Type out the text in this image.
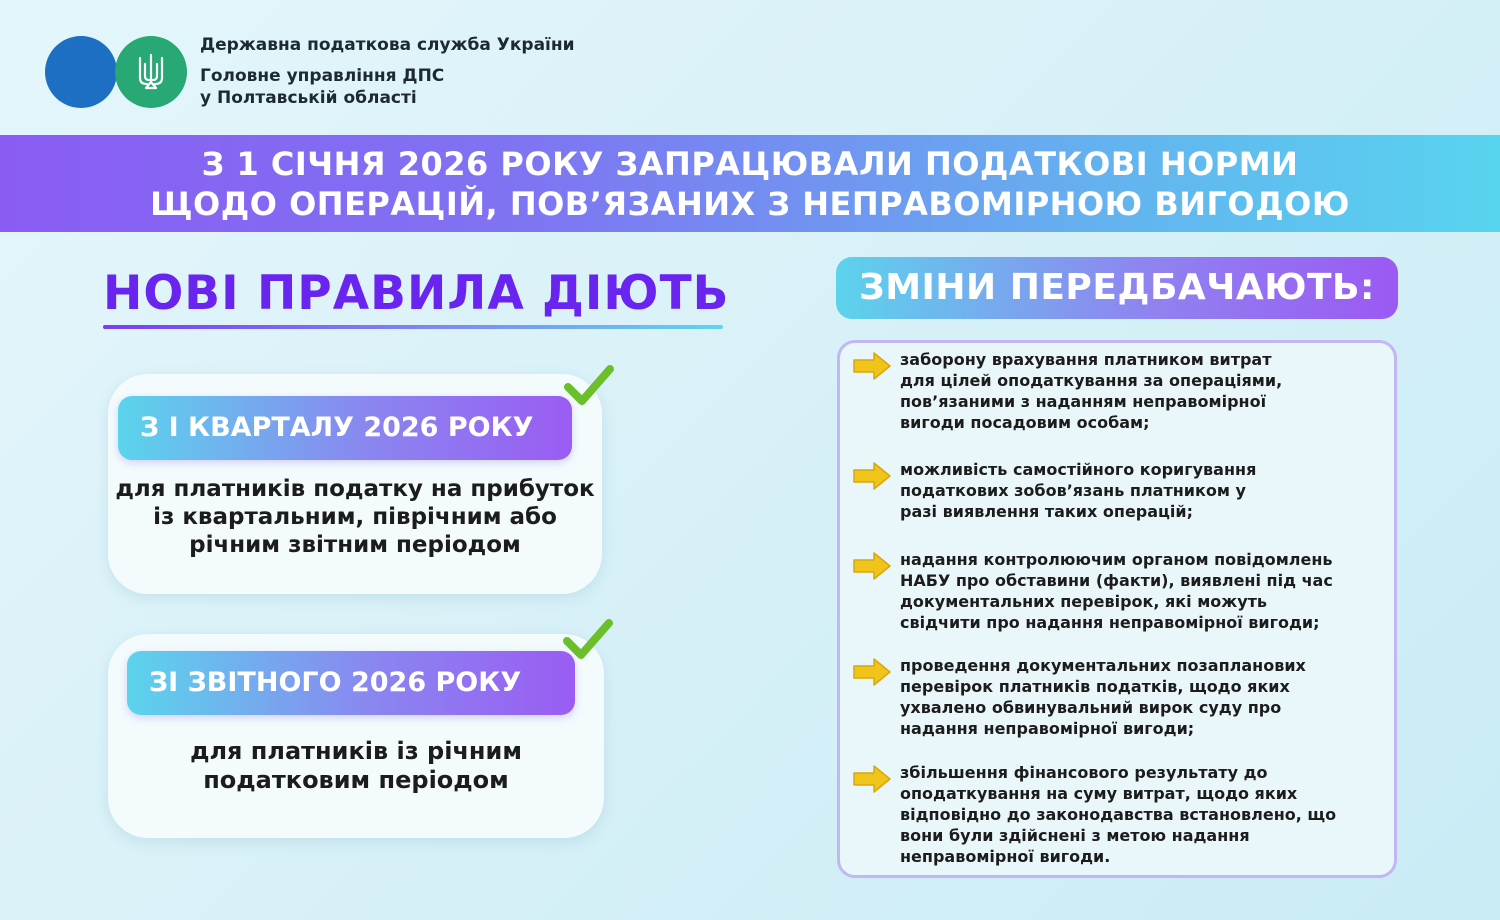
Державна податкова служба України
Головне управління ДПС
у Полтавській області
З 1 СІЧНЯ 2026 РОКУ ЗАПРАЦЮВАЛИ ПОДАТКОВІ НОРМИ
ЩОДО ОПЕРАЦІЙ, ПОВ’ЯЗАНИХ З НЕПРАВОМІРНОЮ ВИГОДОЮ
НОВІ ПРАВИЛА ДІЮТЬ
З І КВАРТАЛУ 2026 РОКУ
для платників податку на прибуток
із квартальним, піврічним або
річним звітним періодом
ЗІ ЗВІТНОГО 2026 РОКУ
для платників із річним
податковим періодом
ЗМІНИ ПЕРЕДБАЧАЮТЬ:
заборону врахування платником витрат
для цілей оподаткування за операціями,
пов’язаними з наданням неправомірної
вигоди посадовим особам;
можливість самостійного коригування
податкових зобов’язань платником у
разі виявлення таких операцій;
надання контролюючим органом повідомлень
НАБУ про обставини (факти), виявлені під час
документальних перевірок, які можуть
свідчити про надання неправомірної вигоди;
проведення документальних позапланових
перевірок платників податків, щодо яких
ухвалено обвинувальний вирок суду про
надання неправомірної вигоди;
збільшення фінансового результату до
оподаткування на суму витрат, щодо яких
відповідно до законодавства встановлено, що
вони були здійснені з метою надання
неправомірної вигоди.
